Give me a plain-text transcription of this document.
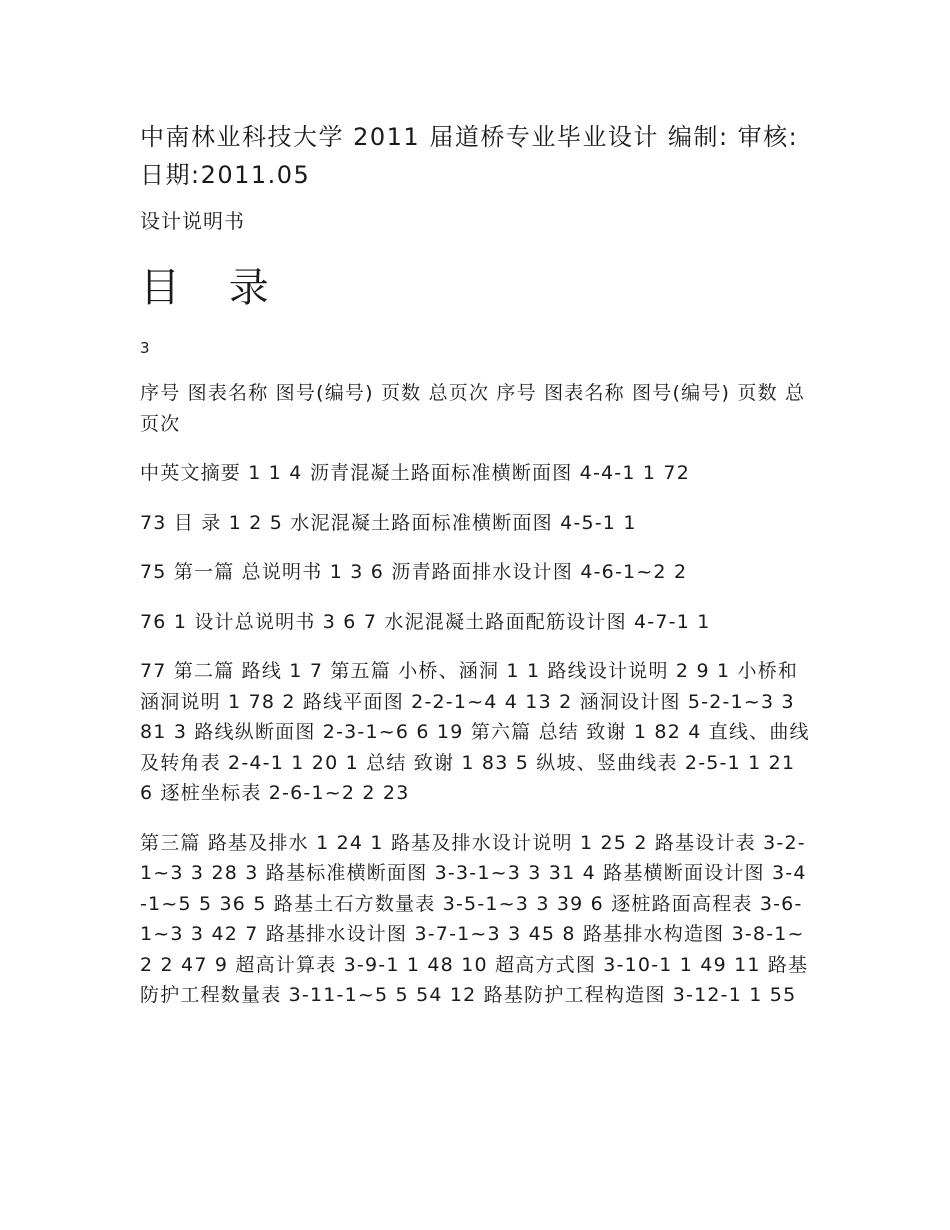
中南林业科技大学 2011 届道桥专业毕业设计 编制: 审核: 日期:2011.05
设计说明书
目 录
3
序号 图表名称 图号(编号) 页数 总页次 序号 图表名称 图号(编号) 页数 总页次
中英文摘要 1 1 4 沥青混凝土路面标准横断面图 4-4-1 1 72
73 目 录 1 2 5 水泥混凝土路面标准横断面图 4-5-1 1
75 第一篇 总说明书 1 3 6 沥青路面排水设计图 4-6-1~2 2
76 1 设计总说明书 3 6 7 水泥混凝土路面配筋设计图 4-7-1 1
77 第二篇 路线 1 7 第五篇 小桥、涵洞 1 1 路线设计说明 2 9 1 小桥和涵洞说明 1 78 2 路线平面图 2-2-1~4 4 13 2 涵洞设计图 5-2-1~3 3 81 3 路线纵断面图 2-3-1~6 6 19 第六篇 总结 致谢 1 82 4 直线、曲线及转角表 2-4-1 1 20 1 总结 致谢 1 83 5 纵坡、竖曲线表 2-5-1 1 21 6 逐桩坐标表 2-6-1~2 2 23
第三篇 路基及排水 1 24 1 路基及排水设计说明 1 25 2 路基设计表 3-2-1~3 3 28 3 路基标准横断面图 3-3-1~3 3 31 4 路基横断面设计图 3-4-1~5 5 36 5 路基土石方数量表 3-5-1~3 3 39 6 逐桩路面高程表 3-6-1~3 3 42 7 路基排水设计图 3-7-1~3 3 45 8 路基排水构造图 3-8-1~2 2 47 9 超高计算表 3-9-1 1 48 10 超高方式图 3-10-1 1 49 11 路基防护工程数量表 3-11-1~5 5 54 12 路基防护工程构造图 3-12-1 1 55
